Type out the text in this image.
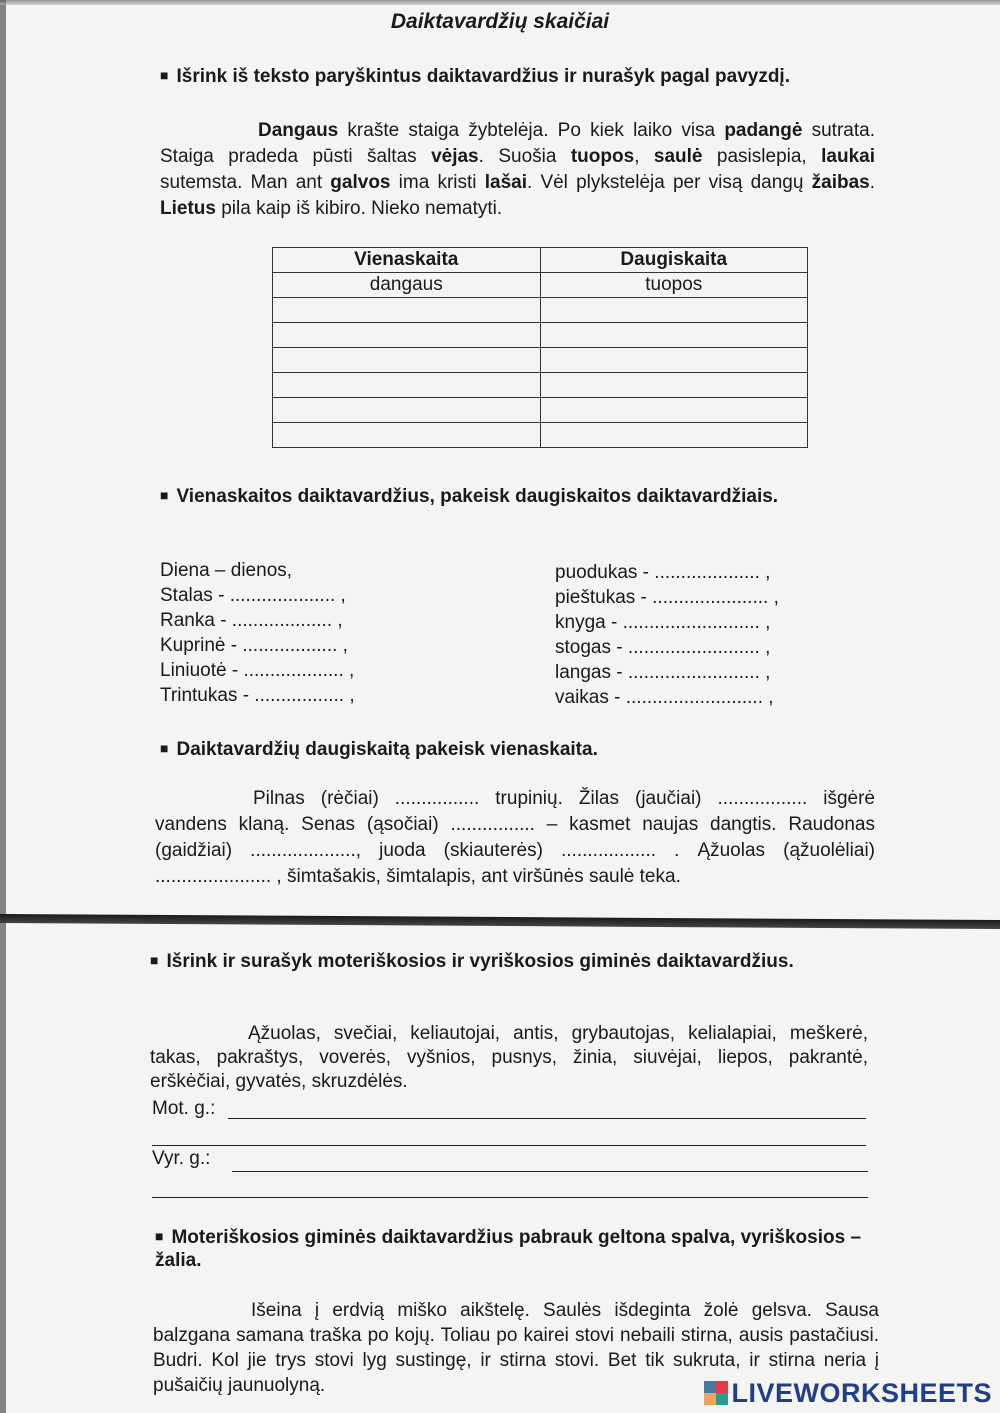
Daiktavardžių skaičiai
■ Išrink iš teksto paryškintus daiktavardžius ir nurašyk pagal pavyzdį.
Dangaus krašte staiga žybtelėja. Po kiek laiko visa padangė sutrata. Staiga pradeda pūsti šaltas vėjas. Suošia tuopos, saulė pasislepia, laukai sutemsta. Man ant galvos ima kristi lašai. Vėl plykstelėja per visą dangų žaibas. Lietus pila kaip iš kibiro. Nieko nematyti.
Vienaskaita	Daugiskaita
dangaus	tuopos

■ Vienaskaitos daiktavardžius, pakeisk daugiskaitos daiktavardžiais.
Diena – dienos,
Stalas - .................... ,
Ranka - ................... ,
Kuprinė - .................. ,
Liniuotė - ................... ,
Trintukas - ................. ,
puodukas - .................... ,
pieštukas - ...................... ,
knyga - .......................... ,
stogas - ......................... ,
langas - ......................... ,
vaikas - .......................... ,
■ Daiktavardžių daugiskaitą pakeisk vienaskaita.
Pilnas (rėčiai) ................ trupinių. Žilas (jaučiai) ................. išgėrė vandens klaną. Senas (ąsočiai) ................ – kasmet naujas dangtis. Raudonas (gaidžiai) ...................., juoda (skiauterės) .................. . Ąžuolas (ąžuolėliai) ...................... , šimtašakis, šimtalapis, ant viršūnės saulė teka.
■ Išrink ir surašyk moteriškosios ir vyriškosios giminės daiktavardžius.
Ąžuolas, svečiai, keliautojai, antis, grybautojas, kelialapiai, meškerė, takas, pakraštys, voverės, vyšnios, pusnys, žinia, siuvėjai, liepos, pakrantė, erškėčiai, gyvatės, skruzdėlės.
Mot. g.:
Vyr. g.:
■ Moteriškosios giminės daiktavardžius pabrauk geltona spalva, vyriškosios – žalia.
Išeina į erdvią miško aikštelę. Saulės išdeginta žolė gelsva. Sausa balzgana samana traška po kojų. Toliau po kairei stovi nebaili stirna, ausis pastačiusi. Budri. Kol jie trys stovi lyg sustingę, ir stirna stovi. Bet tik sukruta, ir stirna neria į pušaičių jaunuolyną.	LIVEWORKSHEETS
